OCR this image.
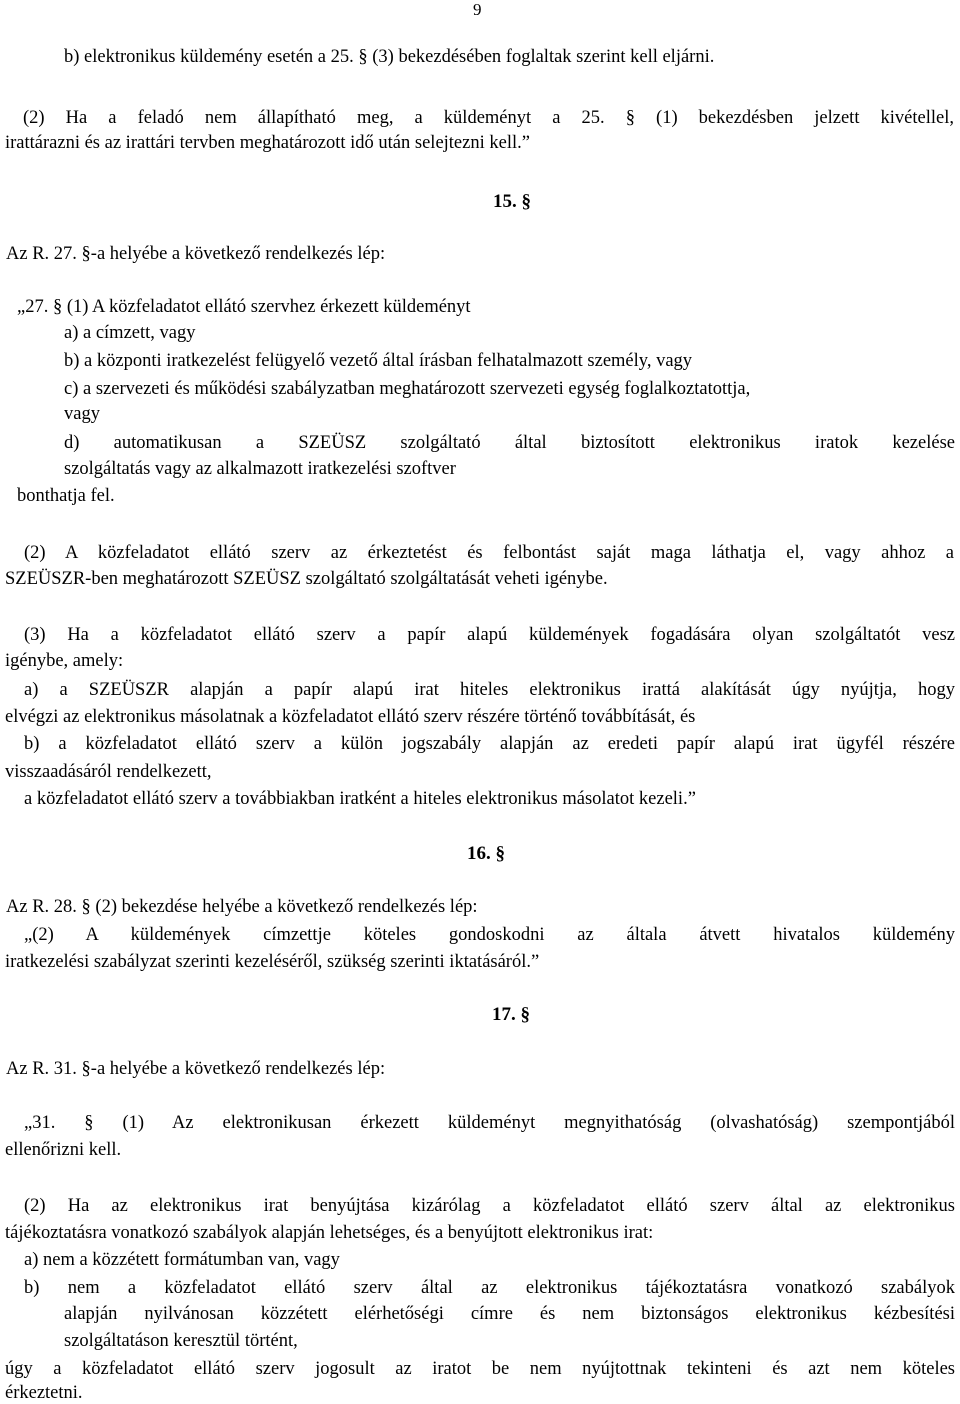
9
b) elektronikus küldemény esetén a 25. § (3) bekezdésében foglaltak szerint kell eljárni.
(2) Ha a feladó nem állapítható meg, a küldeményt a 25. § (1) bekezdésben jelzett kivétellel,
irattárazni és az irattári tervben meghatározott idő után selejtezni kell.”
15. §
Az R. 27. §-a helyébe a következő rendelkezés lép:
„27. § (1) A közfeladatot ellátó szervhez érkezett küldeményt
a) a címzett, vagy
b) a központi iratkezelést felügyelő vezető által írásban felhatalmazott személy, vagy
c) a szervezeti és működési szabályzatban meghatározott szervezeti egység foglalkoztatottja,
vagy
d) automatikusan a SZEÜSZ szolgáltató által biztosított elektronikus iratok kezelése
szolgáltatás vagy az alkalmazott iratkezelési szoftver
bonthatja fel.
(2) A közfeladatot ellátó szerv az érkeztetést és felbontást saját maga láthatja el, vagy ahhoz a
SZEÜSZR-ben meghatározott SZEÜSZ szolgáltató szolgáltatását veheti igénybe.
(3) Ha a közfeladatot ellátó szerv a papír alapú küldemények fogadására olyan szolgáltatót vesz
igénybe, amely:
a) a SZEÜSZR alapján a papír alapú irat hiteles elektronikus irattá alakítását úgy nyújtja, hogy
elvégzi az elektronikus másolatnak a közfeladatot ellátó szerv részére történő továbbítását, és
b) a közfeladatot ellátó szerv a külön jogszabály alapján az eredeti papír alapú irat ügyfél részére
visszaadásáról rendelkezett,
a közfeladatot ellátó szerv a továbbiakban iratként a hiteles elektronikus másolatot kezeli.”
16. §
Az R. 28. § (2) bekezdése helyébe a következő rendelkezés lép:
„(2) A küldemények címzettje köteles gondoskodni az általa átvett hivatalos küldemény
iratkezelési szabályzat szerinti kezeléséről, szükség szerinti iktatásáról.”
17. §
Az R. 31. §-a helyébe a következő rendelkezés lép:
„31. § (1) Az elektronikusan érkezett küldeményt megnyithatóság (olvashatóság) szempontjából
ellenőrizni kell.
(2) Ha az elektronikus irat benyújtása kizárólag a közfeladatot ellátó szerv által az elektronikus
tájékoztatásra vonatkozó szabályok alapján lehetséges, és a benyújtott elektronikus irat:
a) nem a közzétett formátumban van, vagy
b) nem a közfeladatot ellátó szerv által az elektronikus tájékoztatásra vonatkozó szabályok
alapján nyilvánosan közzétett elérhetőségi címre és nem biztonságos elektronikus kézbesítési
szolgáltatáson keresztül történt,
úgy a közfeladatot ellátó szerv jogosult az iratot be nem nyújtottnak tekinteni és azt nem köteles
érkeztetni.
